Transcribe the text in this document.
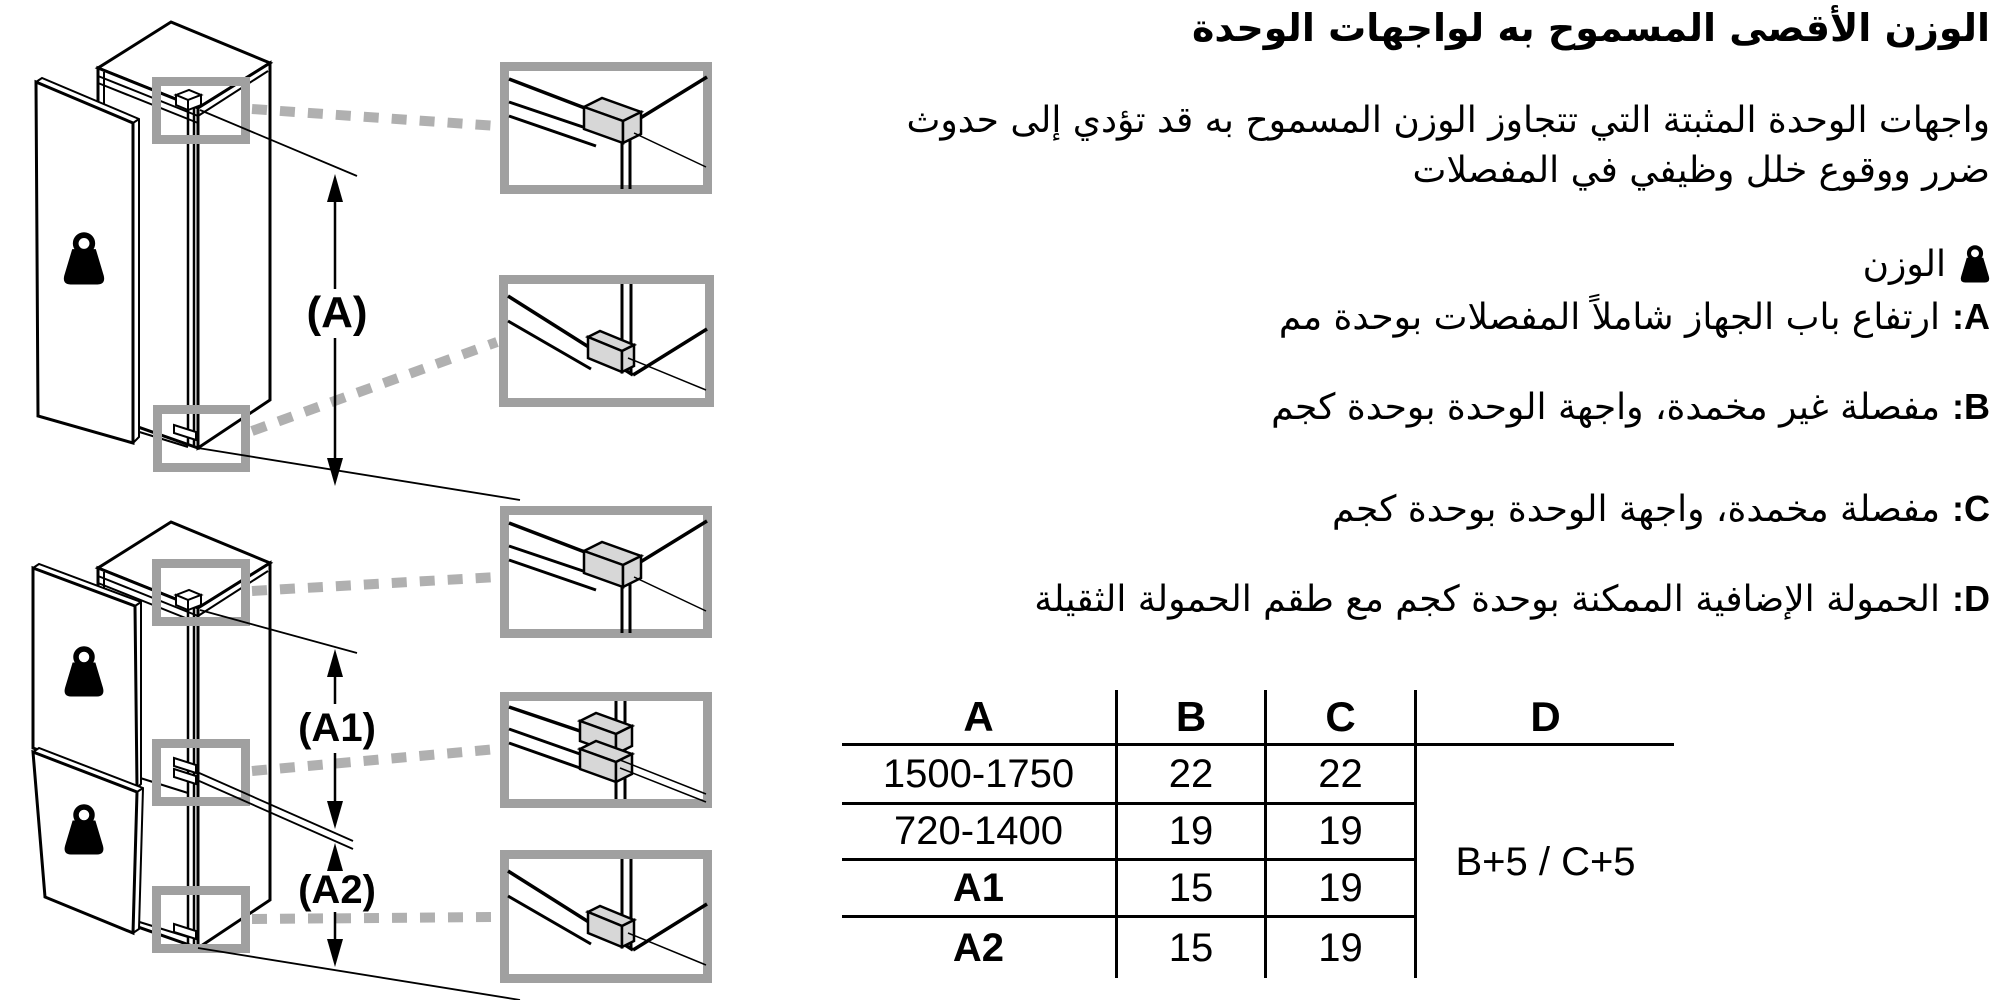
(A)
(A1)
(A2)
الوزن الأقصى المسموح به لواجهات الوحدة
واجهات الوحدة المثبتة التي تتجاوز الوزن المسموح به قد تؤدي إلى حدوث
ضرر ووقوع خلل وظيفي في المفصلات
الوزن
A:ارتفاع باب الجهاز شاملاً المفصلات بوحدة مم
B:مفصلة غير مخمدة، واجهة الوحدة بوحدة كجم
C:مفصلة مخمدة، واجهة الوحدة بوحدة كجم
D:الحمولة الإضافية الممكنة بوحدة كجم مع طقم الحمولة الثقيلة
A	B	C	D
1500-1750	22	22
720-1400	19	19
A1	15	19
A2	15	19
B+5 / C+5
